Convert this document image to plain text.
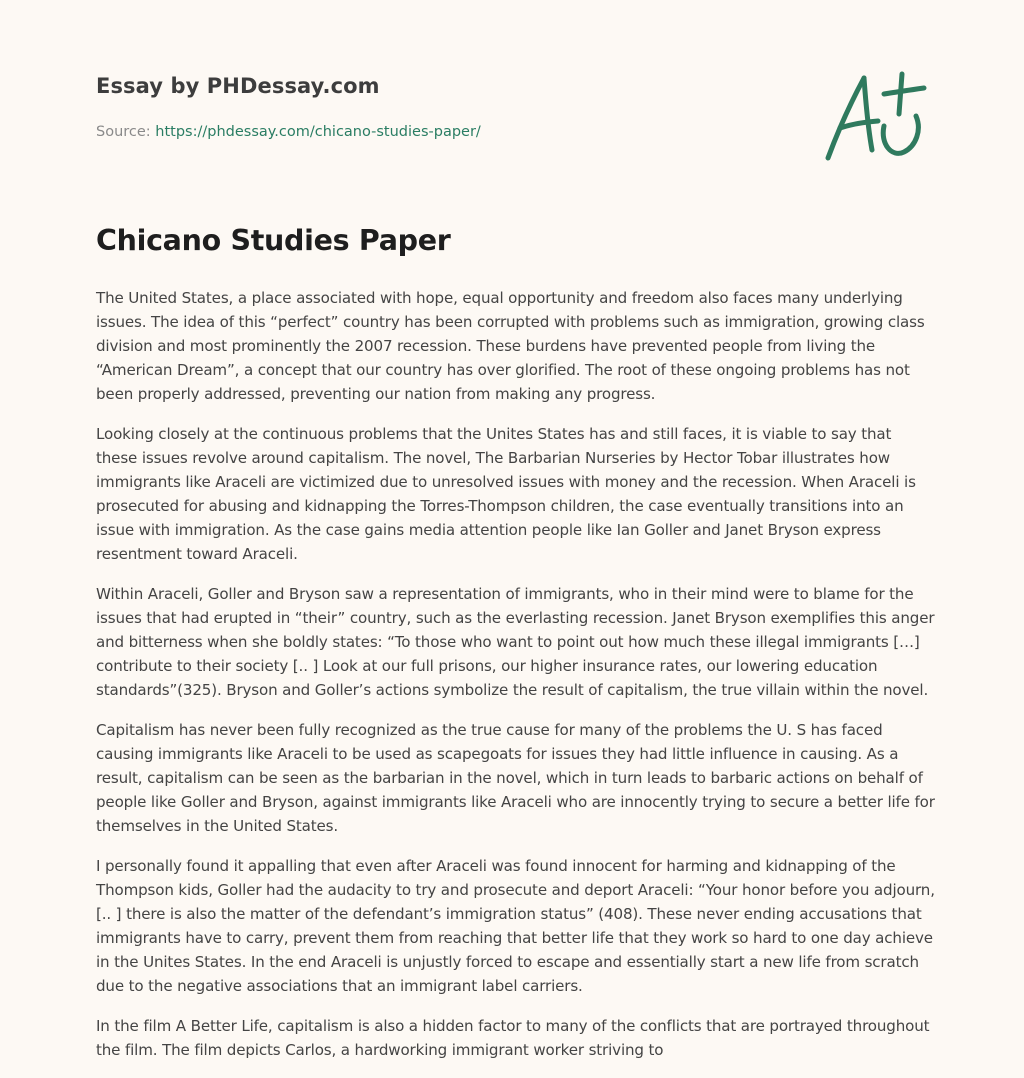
Essay by PHDessay.com
Source: https://phdessay.com/chicano-studies-paper/
Chicano Studies Paper

The United States, a place associated with hope, equal opportunity and freedom also faces many underlying issues. The idea of this “perfect” country has been corrupted with problems such as immigration, growing class division and most prominently the 2007 recession. These burdens have prevented people from living the “American Dream”, a concept that our country has over glorified. The root of these ongoing problems has not been properly addressed, preventing our nation from making any progress.

Looking closely at the continuous problems that the Unites States has and still faces, it is viable to say that these issues revolve around capitalism. The novel, The Barbarian Nurseries by Hector Tobar illustrates how immigrants like Araceli are victimized due to unresolved issues with money and the recession. When Araceli is prosecuted for abusing and kidnapping the Torres-Thompson children, the case eventually transitions into an issue with immigration. As the case gains media attention people like Ian Goller and Janet Bryson express resentment toward Araceli.

Within Araceli, Goller and Bryson saw a representation of immigrants, who in their mind were to blame for the issues that had erupted in “their” country, such as the everlasting recession. Janet Bryson exemplifies this anger and bitterness when she boldly states: “To those who want to point out how much these illegal immigrants […] contribute to their society [.. ] Look at our full prisons, our higher insurance rates, our lowering education standards”(325). Bryson and Goller’s actions symbolize the result of capitalism, the true villain within the novel.

Capitalism has never been fully recognized as the true cause for many of the problems the U. S has faced causing immigrants like Araceli to be used as scapegoats for issues they had little influence in causing. As a result, capitalism can be seen as the barbarian in the novel, which in turn leads to barbaric actions on behalf of people like Goller and Bryson, against immigrants like Araceli who are innocently trying to secure a better life for themselves in the United States.

I personally found it appalling that even after Araceli was found innocent for harming and kidnapping of the Thompson kids, Goller had the audacity to try and prosecute and deport Araceli: “Your honor before you adjourn, [.. ] there is also the matter of the defendant’s immigration status” (408). These never ending accusations that immigrants have to carry, prevent them from reaching that better life that they work so hard to one day achieve in the Unites States. In the end Araceli is unjustly forced to escape and essentially start a new life from scratch due to the negative associations that an immigrant label carriers.

In the film A Better Life, capitalism is also a hidden factor to many of the conflicts that are portrayed throughout the film. The film depicts Carlos, a hardworking immigrant worker striving to
